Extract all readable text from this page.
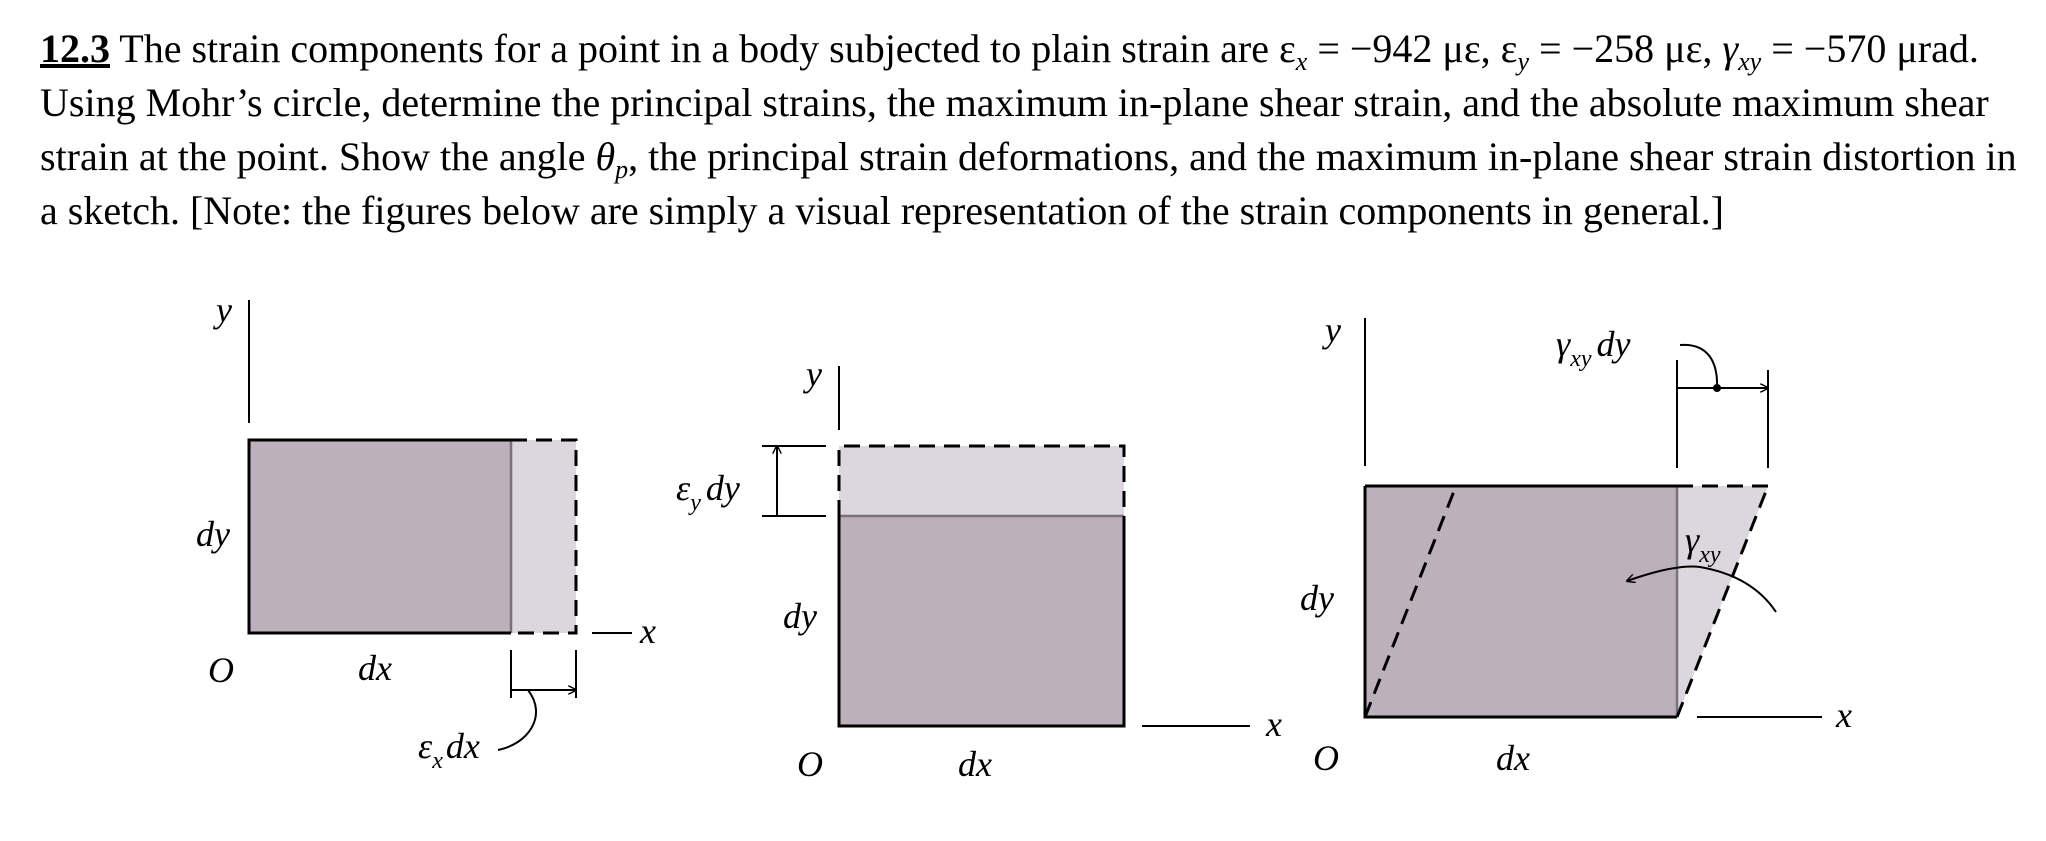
12.3 The strain components for a point in a body subjected to plain strain are $\varepsilon_x = -942$ με, $\varepsilon_y = -258$ με, $\gamma_{xy} = -570$ μrad. Using Mohr’s circle, determine the principal strains, the maximum in-plane shear strain, and the absolute maximum shear strain at the point. Show the angle $\theta_p$, the principal strain deformations, and the maximum in-plane shear strain distortion in a sketch. [Note: the figures below are simply a visual representation of the strain components in general.]
y
x
O	dx
dy
$\varepsilon_xdx$
y
x
O	dx
dy
$\varepsilon_y$ dy
y
x
O	dx
dy
$\gamma_{xy}$ dy
$\gamma_{xy}$
